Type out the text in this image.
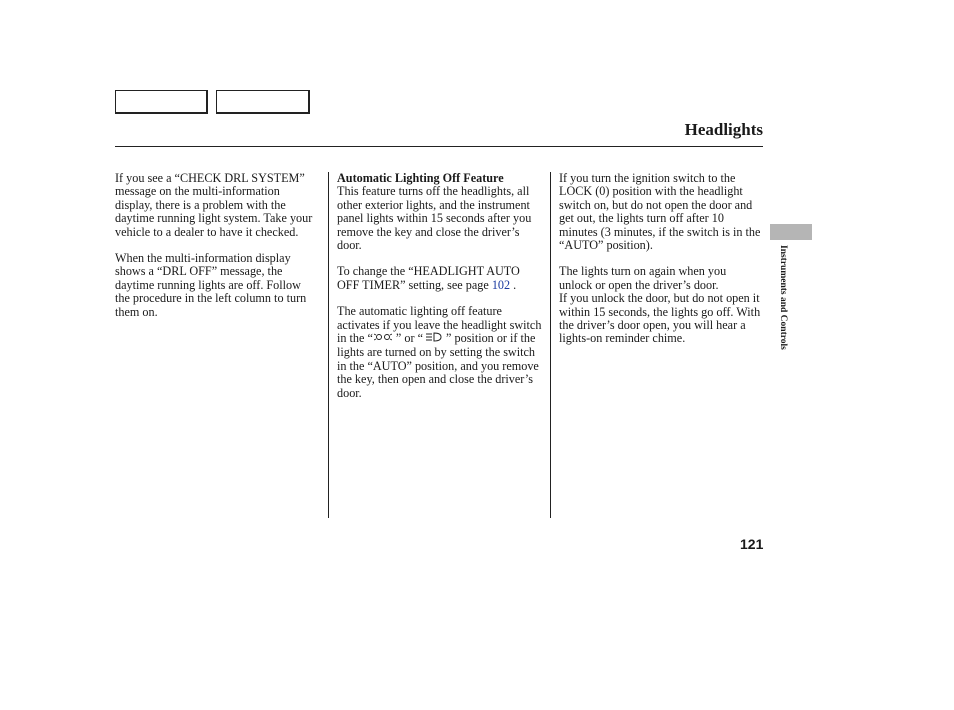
Headlights

If you see a “CHECK DRL SYSTEM” message on the multi-information display, there is a problem with the daytime running light system. Take your vehicle to a dealer to have it checked.

When the multi-information display shows a “DRL OFF” message, the daytime running lights are off. Follow the procedure in the left column to turn them on.

Automatic Lighting Off Feature
This feature turns off the headlights, all other exterior lights, and the instrument panel lights within 15 seconds after you remove the key and close the driver’s door.

To change the “HEADLIGHT AUTO OFF TIMER” setting, see page 102 .

The automatic lighting off feature activates if you leave the headlight switch in the “ ” or “ ” position or if the lights are turned on by setting the switch in the “AUTO” position, and you remove the key, then open and close the driver’s door.

If you turn the ignition switch to the LOCK (0) position with the headlight switch on, but do not open the door and get out, the lights turn off after 10 minutes (3 minutes, if the switch is in the “AUTO” position).

The lights turn on again when you unlock or open the driver’s door.

If you unlock the door, but do not open it within 15 seconds, the lights go off. With the driver’s door open, you will hear a lights-on reminder chime.	Instruments and Controls
121
